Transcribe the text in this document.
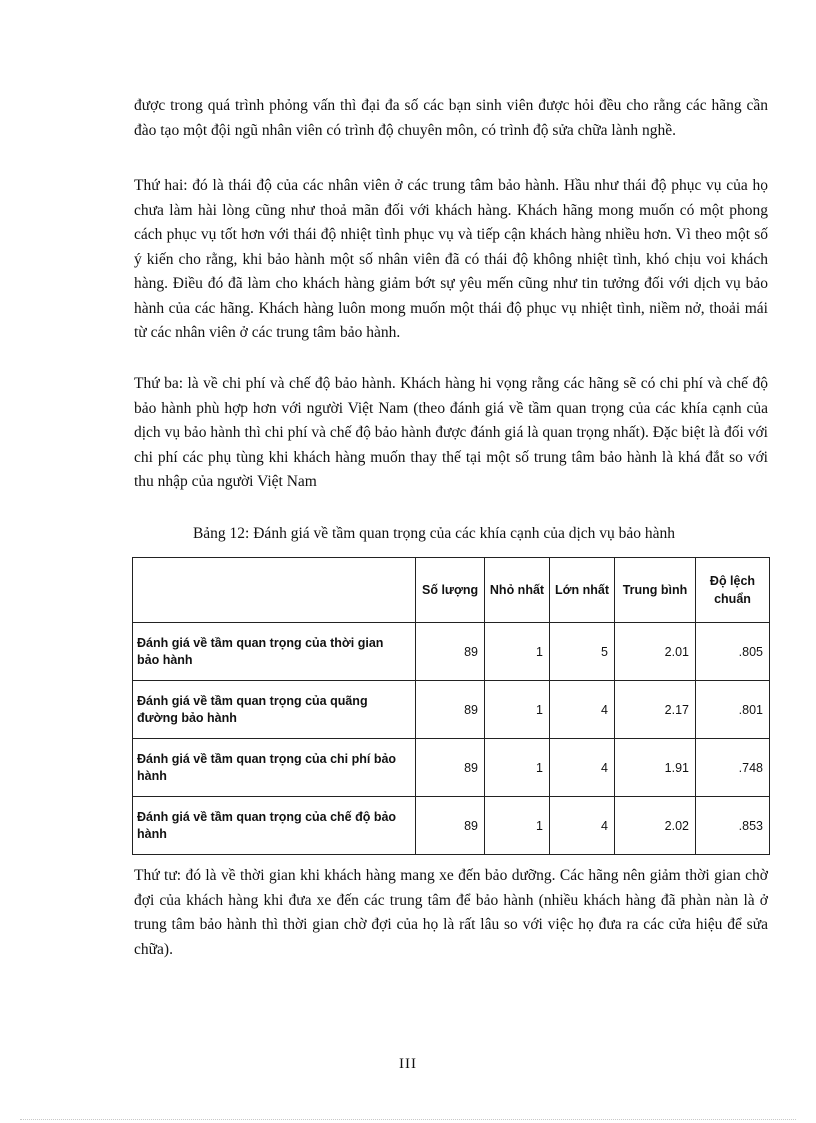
được trong quá trình phỏng vấn thì đại đa số các bạn sinh viên được hỏi đều cho rằng các hãng cần đào tạo một đội ngũ nhân viên có trình độ chuyên môn, có trình độ sửa chữa lành nghề.

Thứ hai: đó là thái độ của các nhân viên ở các trung tâm bảo hành. Hầu như thái độ phục vụ của họ chưa làm hài lòng cũng như thoả mãn đối với khách hàng. Khách hãng mong muốn có một phong cách phục vụ tốt hơn với thái độ nhiệt tình phục vụ và tiếp cận khách hàng nhiều hơn. Vì theo một số ý kiến cho rằng, khi bảo hành một số nhân viên đã có thái độ không nhiệt tình, khó chịu voi khách hàng. Điều đó đã làm cho khách hàng giảm bớt sự yêu mến cũng như tin tưởng đối với dịch vụ bảo hành của các hãng. Khách hàng luôn mong muốn một thái độ phục vụ nhiệt tình, niềm nở, thoải mái từ các nhân viên ở các trung tâm bảo hành.

Thứ ba: là về chi phí và chế độ bảo hành. Khách hàng hi vọng rằng các hãng sẽ có chi phí và chế độ bảo hành phù hợp hơn với người Việt Nam (theo đánh giá về tầm quan trọng của các khía cạnh của dịch vụ bảo hành thì chi phí và chế độ bảo hành được đánh giá là quan trọng nhất). Đặc biệt là đối với chi phí các phụ tùng khi khách hàng muốn thay thế tại một số trung tâm bảo hành là khá đắt so với thu nhập của người Việt Nam

Bảng 12: Đánh giá về tầm quan trọng của các khía cạnh của dịch vụ bảo hành

	Số lượng	Nhỏ nhất	Lớn nhất	Trung bình	Độ lệch chuẩn
Đánh giá về tầm quan trọng của thời gian bảo hành	89	1	5	2.01	.805
Đánh giá về tầm quan trọng của quãng đường bảo hành	89	1	4	2.17	.801
Đánh giá về tầm quan trọng của chi phí bảo hành	89	1	4	1.91	.748
Đánh giá về tầm quan trọng của chế độ bảo hành	89	1	4	2.02	.853

Thứ tư: đó là về thời gian khi khách hàng mang xe đến bảo dưỡng. Các hãng nên giảm thời gian chờ đợi của khách hàng khi đưa xe đến các trung tâm để bảo hành (nhiều khách hàng đã phàn nàn là ở trung tâm bảo hành thì thời gian chờ đợi của họ là rất lâu so với việc họ đưa ra các cửa hiệu để sửa chữa).

III
